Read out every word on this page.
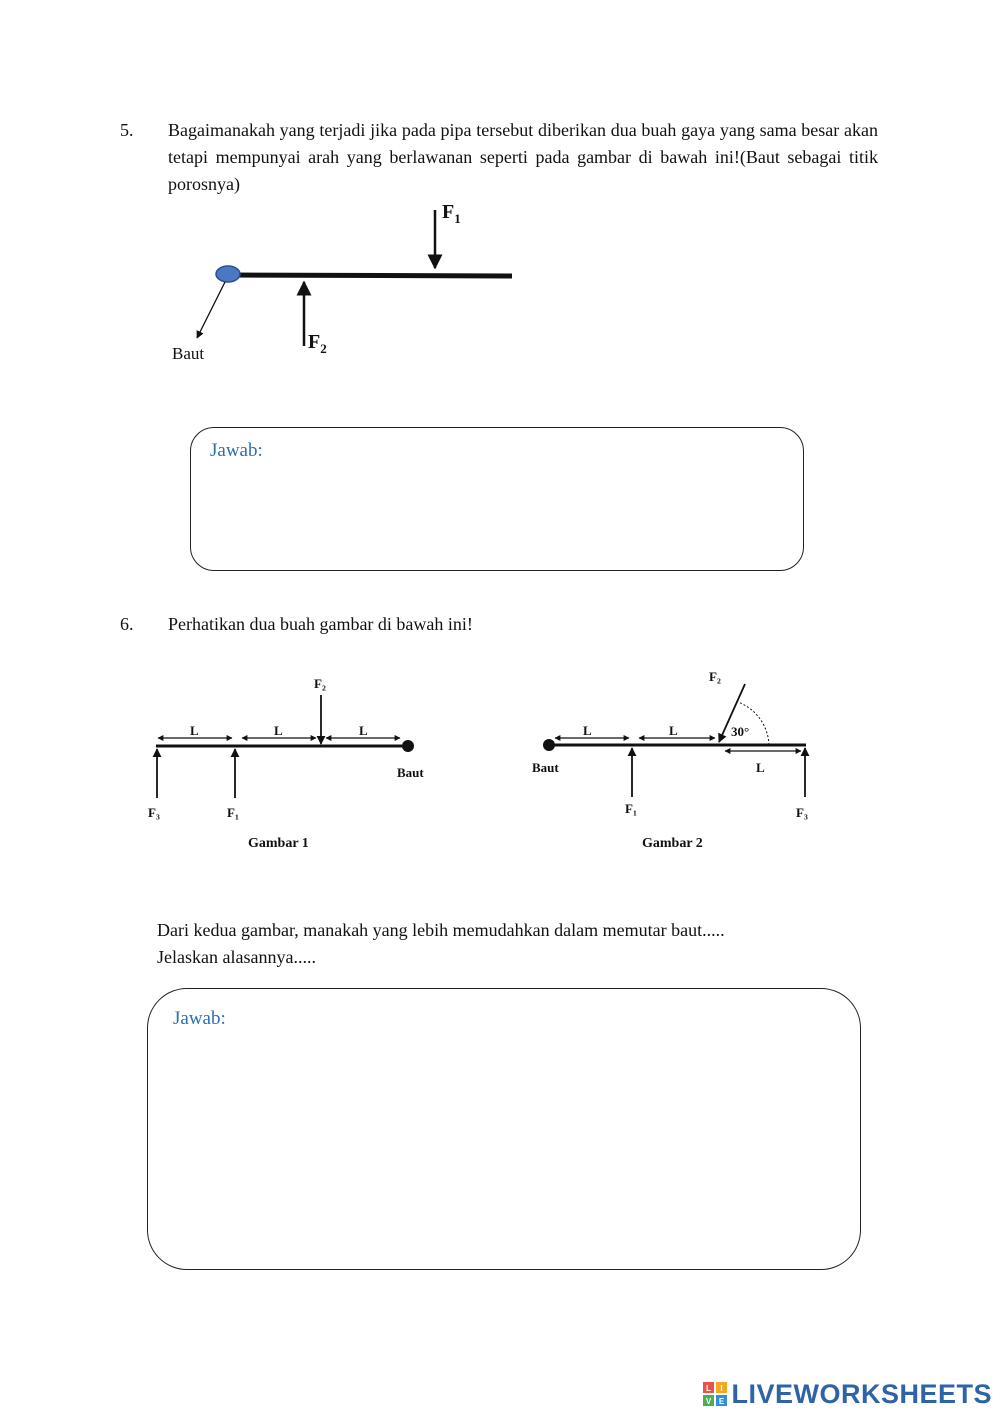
5. Bagaimanakah yang terjadi jika pada pipa tersebut diberikan dua buah gaya yang sama besar akan tetapi mempunyai arah yang berlawanan seperti pada gambar di bawah ini!(Baut sebagai titik porosnya)
$F_1$
$F_2$
Baut
Jawab:
6. Perhatikan dua buah gambar di bawah ini!
L	L	L
F₂
F₃	F₁
Baut
Gambar 1
L	L
L
30°
F₂
F₁	F₃
Baut
Gambar 2
Dari kedua gambar, manakah yang lebih memudahkan dalam memutar baut.....
Jelaskan alasannya.....
Jawab:
L I
V E LIVEWORKSHEETS
